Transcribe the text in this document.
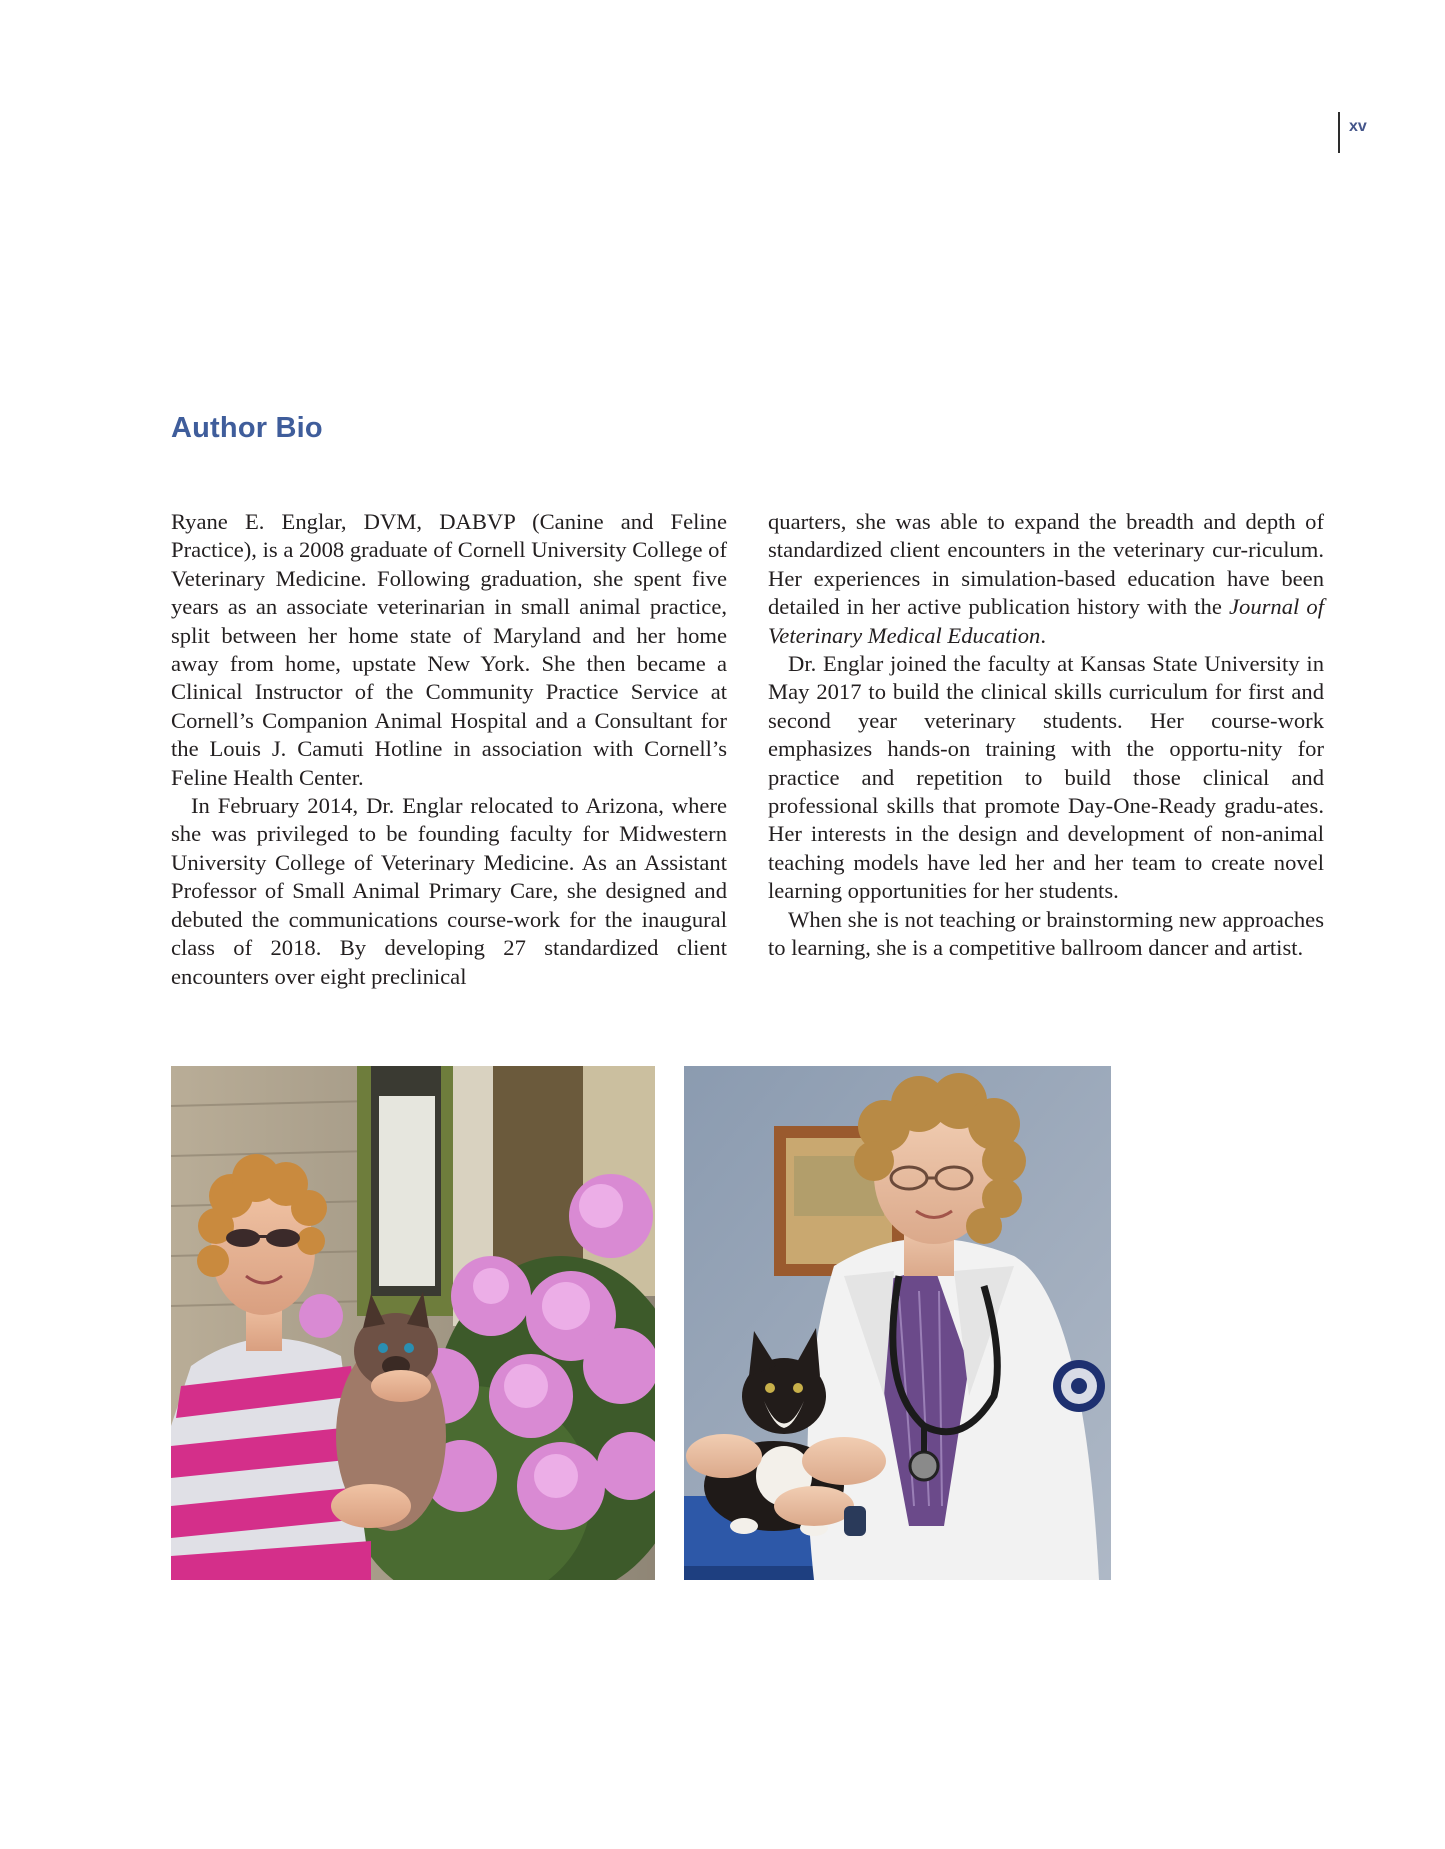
xv
Author Bio

Ryane E. Englar, DVM, DABVP (Canine and Feline Practice), is a 2008 graduate of Cornell University College of Veterinary Medicine. Following graduation, she spent five years as an associate veterinarian in small animal practice, split between her home state of Maryland and her home away from home, upstate New York. She then became a Clinical Instructor of the Community Practice Service at Cornell’s Companion Animal Hospital and a Consultant for the Louis J. Camuti Hotline in association with Cornell’s Feline Health Center.

In February 2014, Dr. Englar relocated to Arizona, where she was privileged to be founding faculty for Midwestern University College of Veterinary Medicine. As an Assistant Professor of Small Animal Primary Care, she designed and debuted the communications course-work for the inaugural class of 2018. By developing 27 standardized client encounters over eight preclinical

quarters, she was able to expand the breadth and depth of standardized client encounters in the veterinary cur-riculum. Her experiences in simulation-based education have been detailed in her active publication history with the Journal of Veterinary Medical Education.

Dr. Englar joined the faculty at Kansas State University in May 2017 to build the clinical skills curriculum for first and second year veterinary students. Her course-work emphasizes hands-on training with the opportu-nity for practice and repetition to build those clinical and professional skills that promote Day-One-Ready gradu-ates. Her interests in the design and development of non-animal teaching models have led her and her team to create novel learning opportunities for her students.

When she is not teaching or brainstorming new approaches to learning, she is a competitive ballroom dancer and artist.
